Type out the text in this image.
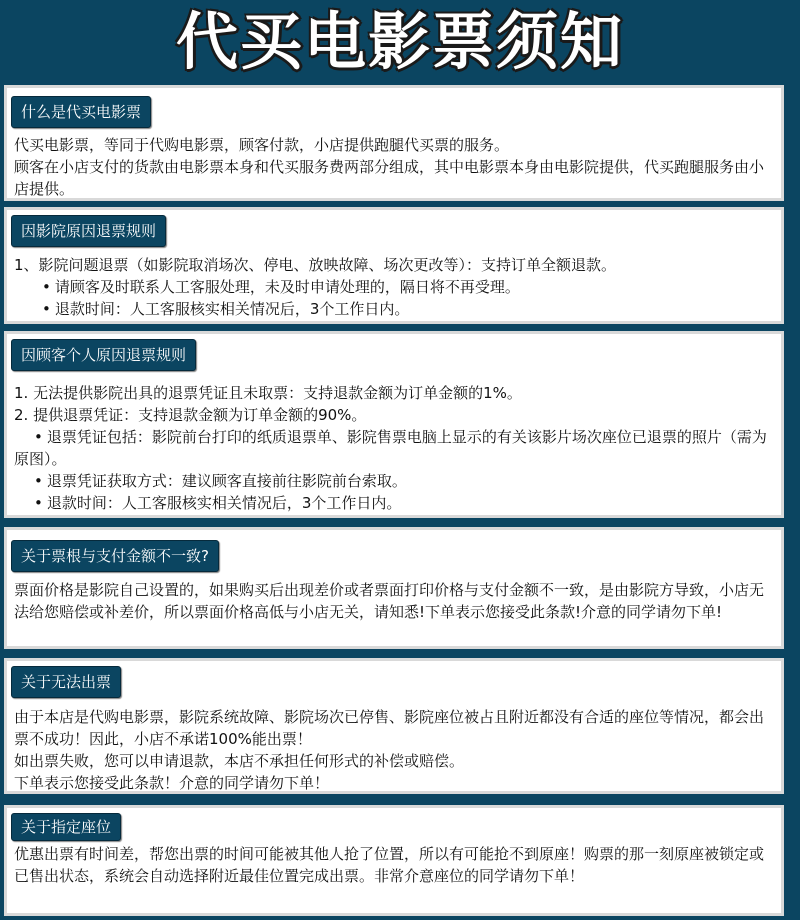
代买电影票须知
什么是代买电影票
代买电影票，等同于代购电影票，顾客付款，小店提供跑腿代买票的服务。
顾客在小店支付的货款由电影票本身和代买服务费两部分组成，其中电影票本身由电影院提供，代买跑腿服务由小店提供。
因影院原因退票规则
1、影院问题退票（如影院取消场次、停电、放映故障、场次更改等）：支持订单全额退款。
• 请顾客及时联系人工客服处理，未及时申请处理的，隔日将不再受理。
• 退款时间：人工客服核实相关情况后，3个工作日内。
因顾客个人原因退票规则
1. 无法提供影院出具的退票凭证且未取票：支持退款金额为订单金额的1%。
2. 提供退票凭证：支持退款金额为订单金额的90%。
• 退票凭证包括：影院前台打印的纸质退票单、影院售票电脑上显示的有关该影片场次座位已退票的照片（需为原图）。
• 退票凭证获取方式：建议顾客直接前往影院前台索取。
• 退款时间：人工客服核实相关情况后，3个工作日内。
关于票根与支付金额不一致?
票面价格是影院自己设置的，如果购买后出现差价或者票面打印价格与支付金额不一致，是由影院方导致，小店无法给您赔偿或补差价，所以票面价格高低与小店无关，请知悉!下单表示您接受此条款!介意的同学请勿下单!
关于无法出票
由于本店是代购电影票，影院系统故障、影院场次已停售、影院座位被占且附近都没有合适的座位等情况，都会出票不成功！因此，小店不承诺100%能出票！
如出票失败，您可以申请退款，本店不承担任何形式的补偿或赔偿。
下单表示您接受此条款！介意的同学请勿下单！
关于指定座位
优惠出票有时间差，帮您出票的时间可能被其他人抢了位置，所以有可能抢不到原座！购票的那一刻原座被锁定或已售出状态，系统会自动选择附近最佳位置完成出票。非常介意座位的同学请勿下单！
